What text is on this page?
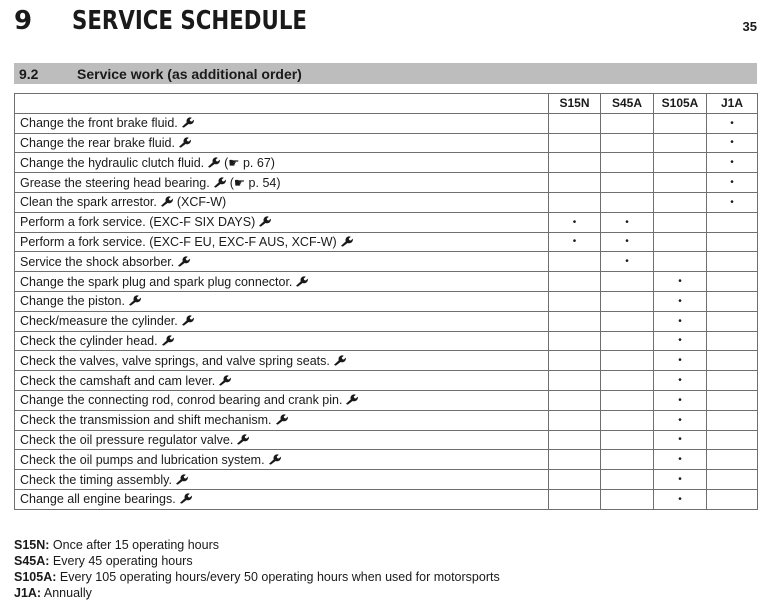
9 SERVICE SCHEDULE	35
9.2	Service work (as additional order)
	S15N	S45A	S105A	J1A
Change the front brake fluid.				•
Change the rear brake fluid.				•
Change the hydraulic clutch fluid. (☛ p. 67)				•
Grease the steering head bearing. (☛ p. 54)				•
Clean the spark arrestor. (XCF-W)				•
Perform a fork service. (EXC-F SIX DAYS)	•	•		
Perform a fork service. (EXC-F EU, EXC-F AUS, XCF-W)	•	•		
Service the shock absorber.		•		
Change the spark plug and spark plug connector.			•	
Change the piston.			•	
Check/measure the cylinder.			•	
Check the cylinder head.			•	
Check the valves, valve springs, and valve spring seats.			•	
Check the camshaft and cam lever.			•	
Change the connecting rod, conrod bearing and crank pin.			•	
Check the transmission and shift mechanism.			•	
Check the oil pressure regulator valve.			•	
Check the oil pumps and lubrication system.			•	
Check the timing assembly.			•	
Change all engine bearings.			•	
S15N: Once after 15 operating hours
S45A: Every 45 operating hours
S105A: Every 105 operating hours/every 50 operating hours when used for motorsports
J1A: Annually
